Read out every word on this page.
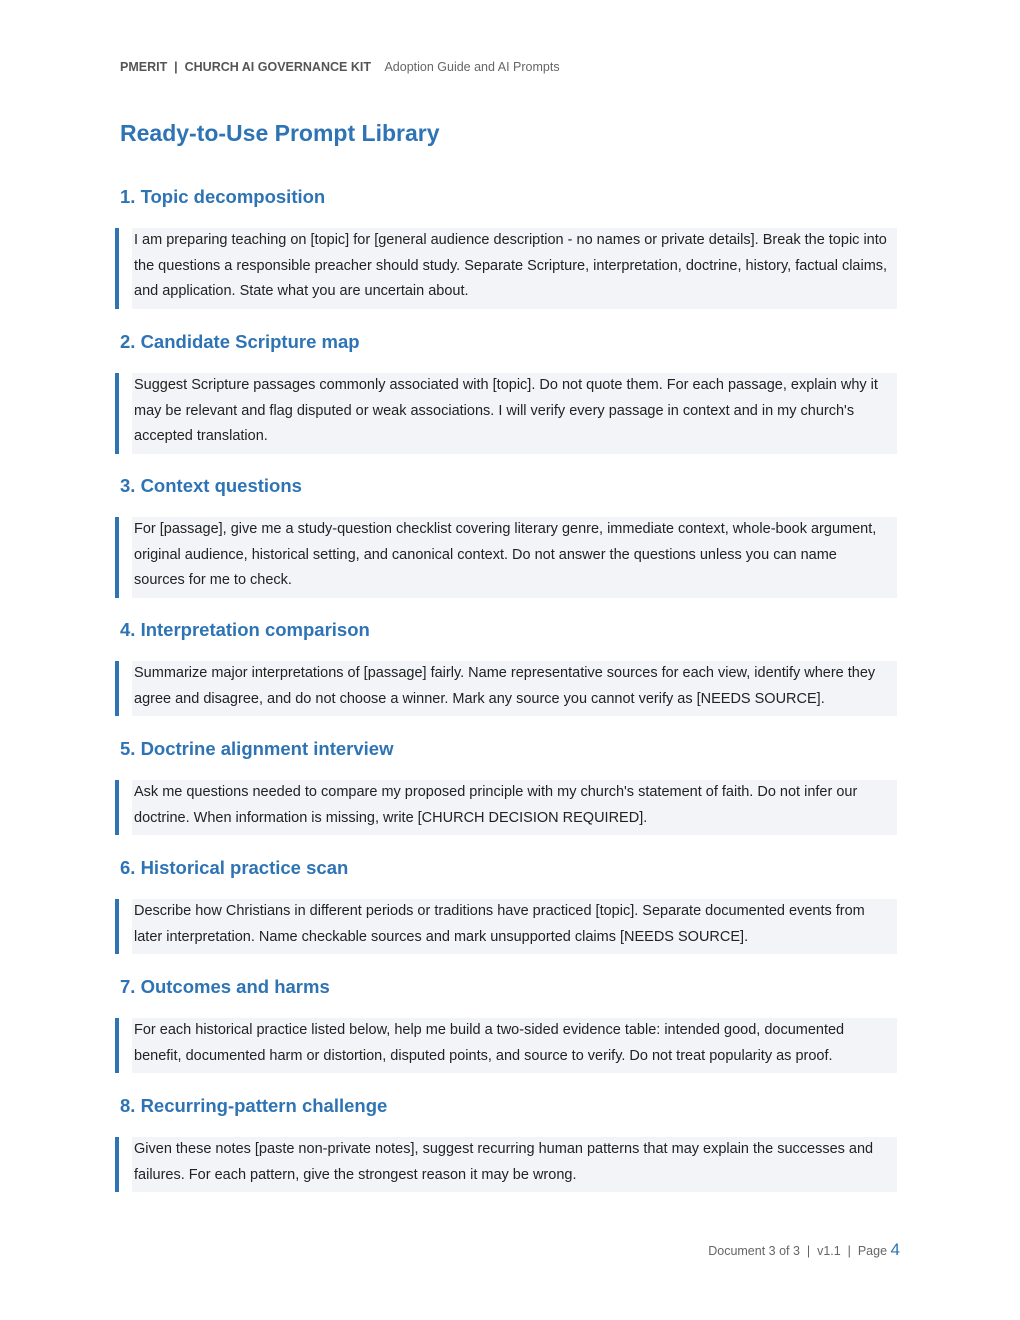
PMERIT  |  CHURCH AI GOVERNANCE KIT Adoption Guide and AI Prompts
Ready-to-Use Prompt Library
1. Topic decomposition
I am preparing teaching on [topic] for [general audience description - no names or private details]. Break the topic into the questions a responsible preacher should study. Separate Scripture, interpretation, doctrine, history, factual claims, and application. State what you are uncertain about.
2. Candidate Scripture map
Suggest Scripture passages commonly associated with [topic]. Do not quote them. For each passage, explain why it may be relevant and flag disputed or weak associations. I will verify every passage in context and in my church's accepted translation.
3. Context questions
For [passage], give me a study-question checklist covering literary genre, immediate context, whole-book argument, original audience, historical setting, and canonical context. Do not answer the questions unless you can name sources for me to check.
4. Interpretation comparison
Summarize major interpretations of [passage] fairly. Name representative sources for each view, identify where they agree and disagree, and do not choose a winner. Mark any source you cannot verify as [NEEDS SOURCE].
5. Doctrine alignment interview
Ask me questions needed to compare my proposed principle with my church's statement of faith. Do not infer our doctrine. When information is missing, write [CHURCH DECISION REQUIRED].
6. Historical practice scan
Describe how Christians in different periods or traditions have practiced [topic]. Separate documented events from later interpretation. Name checkable sources and mark unsupported claims [NEEDS SOURCE].
7. Outcomes and harms
For each historical practice listed below, help me build a two-sided evidence table: intended good, documented benefit, documented harm or distortion, disputed points, and source to verify. Do not treat popularity as proof.
8. Recurring-pattern challenge
Given these notes [paste non-private notes], suggest recurring human patterns that may explain the successes and failures. For each pattern, give the strongest reason it may be wrong.
Document 3 of 3  |  v1.1  |  Page 4
